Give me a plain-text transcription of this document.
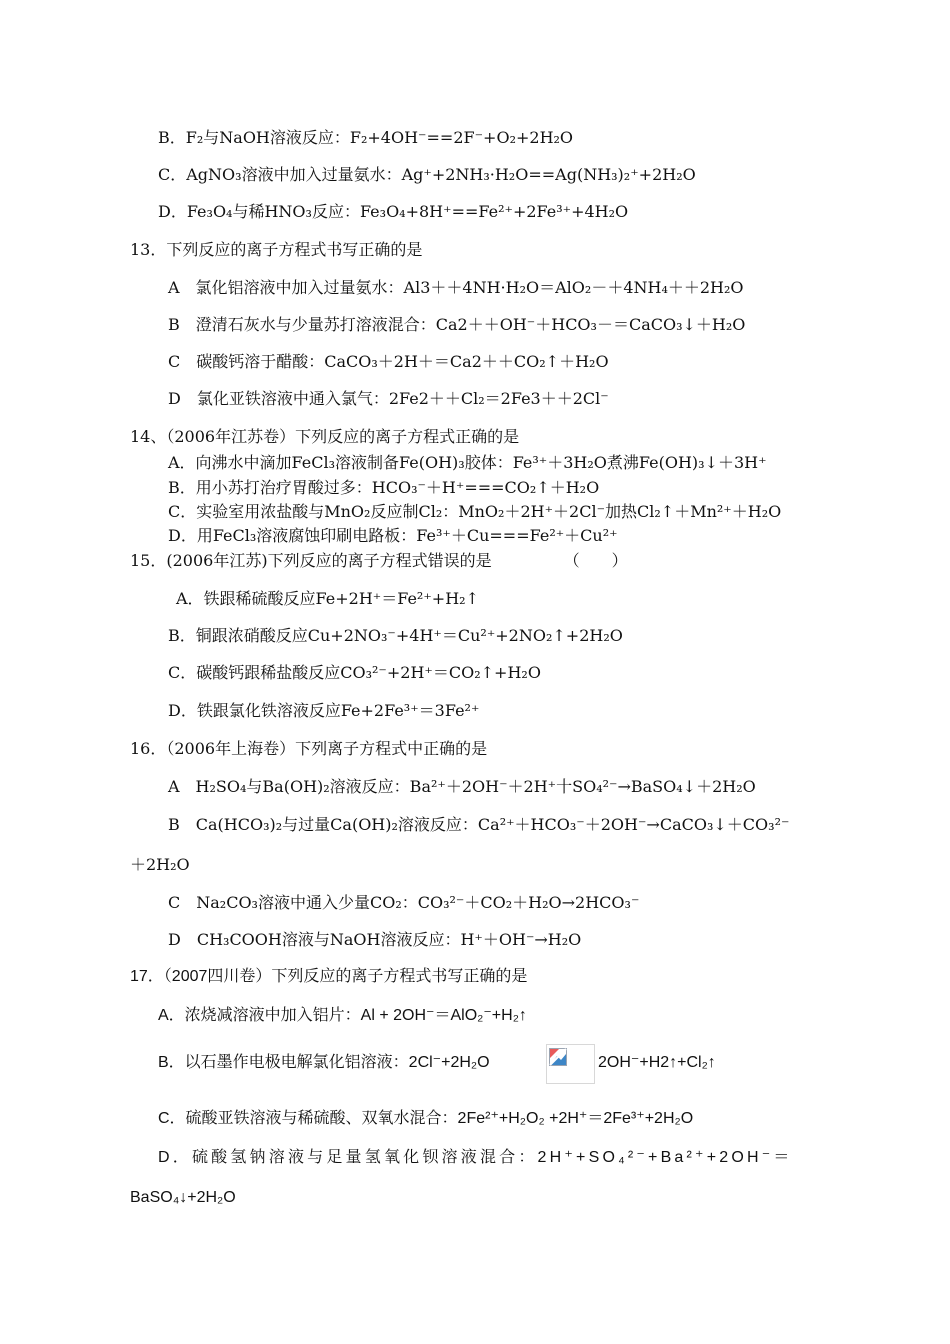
B．F₂与NaOH溶液反应：F₂+4OH⁻==2F⁻+O₂+2H₂O
C．AgNO₃溶液中加入过量氨水：Ag⁺+2NH₃·H₂O==Ag(NH₃)₂⁺+2H₂O
D．Fe₃O₄与稀HNO₃反应：Fe₃O₄+8H⁺==Fe²⁺+2Fe³⁺+4H₂O
13．下列反应的离子方程式书写正确的是
A　氯化铝溶液中加入过量氨水：Al3＋＋4NH·H₂O＝AlO₂－＋4NH₄＋＋2H₂O
B　澄清石灰水与少量苏打溶液混合：Ca2＋＋OH⁻＋HCO₃－＝CaCO₃↓＋H₂O
C　碳酸钙溶于醋酸：CaCO₃＋2H＋＝Ca2＋＋CO₂↑＋H₂O
D　氯化亚铁溶液中通入氯气：2Fe2＋＋Cl₂＝2Fe3＋＋2Cl⁻
14、（2006年江苏卷）下列反应的离子方程式正确的是
A．向沸水中滴加FeCl₃溶液制备Fe(OH)₃胶体：Fe³⁺＋3H₂O煮沸Fe(OH)₃↓＋3H⁺
B．用小苏打治疗胃酸过多：HCO₃⁻＋H⁺===CO₂↑＋H₂O
C．实验室用浓盐酸与MnO₂反应制Cl₂：MnO₂＋2H⁺＋2Cl⁻加热Cl₂↑＋Mn²⁺＋H₂O
D．用FeCl₃溶液腐蚀印刷电路板：Fe³⁺＋Cu===Fe²⁺＋Cu²⁺
15．(2006年江苏)下列反应的离子方程式错误的是　　　　　（　　）
A．铁跟稀硫酸反应Fe+2H⁺＝Fe²⁺+H₂↑
B．铜跟浓硝酸反应Cu+2NO₃⁻+4H⁺＝Cu²⁺+2NO₂↑+2H₂O
C．碳酸钙跟稀盐酸反应CO₃²⁻+2H⁺＝CO₂↑+H₂O
D．铁跟氯化铁溶液反应Fe+2Fe³⁺＝3Fe²⁺
16．（2006年上海卷）下列离子方程式中正确的是
A　H₂SO₄与Ba(OH)₂溶液反应：Ba²⁺＋2OH⁻＋2H⁺十SO₄²⁻→BaSO₄↓＋2H₂O
B　Ca(HCO₃)₂与过量Ca(OH)₂溶液反应：Ca²⁺＋HCO₃⁻＋2OH⁻→CaCO₃↓＋CO₃²⁻
＋2H₂O
C　Na₂CO₃溶液中通入少量CO₂：CO₃²⁻＋CO₂＋H₂O→2HCO₃⁻
D　CH₃COOH溶液与NaOH溶液反应：H⁺＋OH⁻→H₂O
17．（2007四川卷）下列反应的离子方程式书写正确的是
A．浓烧减溶液中加入铝片：Al + 2OH⁻＝AlO₂⁻+H₂↑
B．以石墨作电极电解氯化铝溶液：2Cl⁻+2H₂O	2OH⁻+H2↑+Cl₂↑
C．硫酸亚铁溶液与稀硫酸、双氧水混合：2Fe²⁺+H₂O₂ +2H⁺＝2Fe³⁺+2H₂O
D．硫酸氢钠溶液与足量氢氧化钡溶液混合：2H⁺+SO₄²⁻+Ba²⁺+2OH⁻＝
BaSO₄↓+2H₂O
